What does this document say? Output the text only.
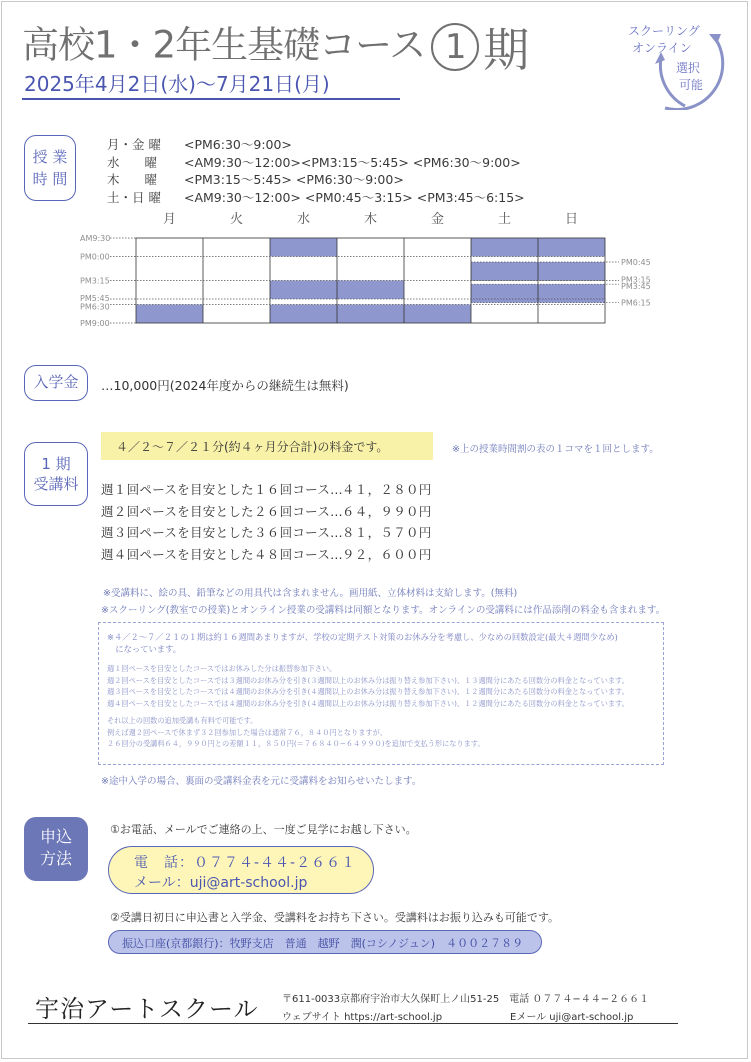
高校1・2年生基礎コース 1 期
2025年4月2日(水)〜7月21日(月)
スクーリング
オンライン
選択
可能
授 業
時 間
月・金 曜 <PM6:30〜9:00>
水　　曜 <AM9:30〜12:00><PM3:15〜5:45> <PM6:30〜9:00>
木　　曜 <PM3:15〜5:45> <PM6:30〜9:00>
土・日 曜 <AM9:30〜12:00> <PM0:45〜3:15> <PM3:45〜6:15>
月	火	水	木	金	土	日
AM9:30
PM0:00
PM3:15
PM5:45
PM6:30
PM9:00
PM0:45
PM3:15
PM3:45
PM6:15
入学金	…10,000円(2024年度からの継続生は無料)
1 期
受講料
４／２〜７／２１分(約４ヶ月分合計)の料金です。	※上の授業時間割の表の１コマを１回とします。
週１回ペースを目安とした１６回コース…４１，２８０円
週２回ペースを目安とした２６回コース…６４，９９０円
週３回ペースを目安とした３６回コース…８１，５７０円
週４回ペースを目安とした４８回コース…９２，６００円
※受講料に、絵の具、鉛筆などの用具代は含まれません。画用紙、立体材料は支給します。(無料)
※スクーリング(教室での授業)とオンライン授業の受講料は同額となります。オンラインの受講料には作品添削の料金も含まれます。
※４／２〜７／２１の１期は約１６週間あまりますが、学校の定期テスト対策のお休み分を考慮し、少なめの回数設定(最大４週間少なめ)
　になっています。
週１回ペースを目安としたコースではお休みした分は振替参加下さい。
週２回ペースを目安としたコースでは３週間のお休み分を引き(３週間以上のお休み分は振り替え参加下さい)、１３週間分にあたる回数分の料金となっています。
週３回ペースを目安としたコースでは４週間のお休み分を引き(４週間以上のお休み分は振り替え参加下さい)、１２週間分にあたる回数分の料金となっています。
週４回ペースを目安としたコースでは４週間のお休み分を引き(４週間以上のお休み分は振り替え参加下さい)、１２週間分にあたる回数分の料金となっています。
それ以上の回数の追加受講も有料で可能です。
例えば週２回ペースで休まず３２回参加した場合は通常７６，８４０円となりますが、
２６回分の受講料６４，９９０円との差額１１，８５０円(＝７６８４０−６４９９０)を追加で支払う形になります。
※途中入学の場合、裏面の受講料金表を元に受講料をお知らせいたします。
申込
方法
①お電話、メールでご連絡の上、一度ご見学にお越し下さい。
電　話：０７７４-４４-２６６１
メール：uji@art-school.jp
②受講日初日に申込書と入学金、受講料をお持ち下さい。受講料はお振り込みも可能です。
振込口座(京都銀行)：牧野支店　普通　越野　潤(コシノジュン)　４００２７８９
宇治アートスクール 〒611-0033京都府宇治市大久保町上ノ山51-25　電話 ０７７４−４４−２６６１
ウェブサイト https://art-school.jp	Eメール uji@art-school.jp
